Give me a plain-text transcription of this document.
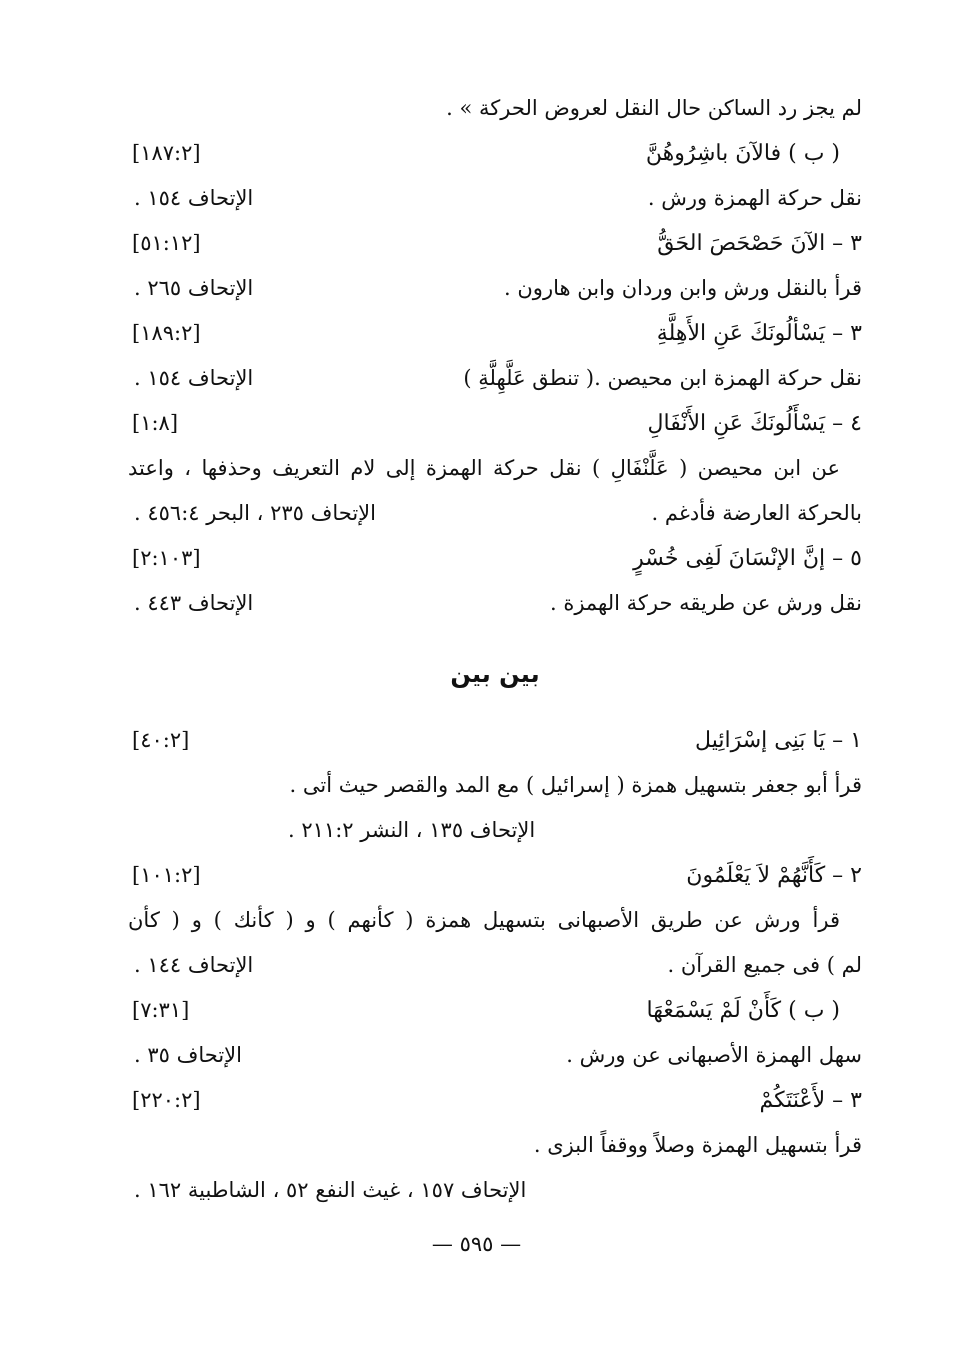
لم يجز رد الساكن حال النقل لعروض الحركة » .
( ب ) فالآنَ باشِرُوهُنَّ
[١٨٧:٢]
نقل حركة الهمزة ورش .
الإتحاف ١٥٤ .
٣ – الآنَ حَصْحَصَ الحَقُّ
[٥١:١٢]
قرأ بالنقل ورش وابن وردان وابن هارون .
الإتحاف ٢٦٥ .
٣ – يَسْألُونَكَ عَنِ الأَهِلَّةِ
[١٨٩:٢]
نقل حركة الهمزة ابن محيصن .( تنطق عَلَّهِلَّةِ )
الإتحاف ١٥٤ .
٤ – يَسْأَلُونَكَ عَنِ الأَنْفَالِ
[١:٨]
عن ابن محيصن ( عَلَّنْفَالِ ) نقل حركة الهمزة إلى لام التعريف وحذفها ، واعتد
بالحركة العارضة فأدغم .
الإتحاف ٢٣٥ ، البحر ٤٥٦:٤ .
٥ – إنَّ الإنْسَانَ لَفِى خُسْرٍ
[٢:١٠٣]
نقل ورش عن طريقه حركة الهمزة .
الإتحاف ٤٤٣ .
بين بين
١ – يَا بَنِى إسْرَائِيل
[٤٠:٢]
قرأ أبو جعفر بتسهيل همزة ( إسرائيل ) مع المد والقصر حيث أتى .
الإتحاف ١٣٥ ، النشر ٢١١:٢ .
٢ – كَأَنَّهُمْ لاَ يَعْلَمُونَ
[١٠١:٢]
قرأ ورش عن طريق الأصبهانى بتسهيل همزة ( كأنهم ) و ( كأنك ) و ( كأن
لم ) فى جميع القرآن .
الإتحاف ١٤٤ .
( ب ) كَأَنْ لَمْ يَسْمَعْهَا
[٧:٣١]
سهل الهمزة الأصبهانى عن ورش .
الإتحاف ٣٥ .
٣ – لأَعْنَتَكُمْ
[٢٢٠:٢]
قرأ بتسهيل الهمزة وصلاً ووقفاً البزى .
الإتحاف ١٥٧ ، غيث النفع ٥٢ ، الشاطبية ١٦٢ .
— ٥٩٥ —
